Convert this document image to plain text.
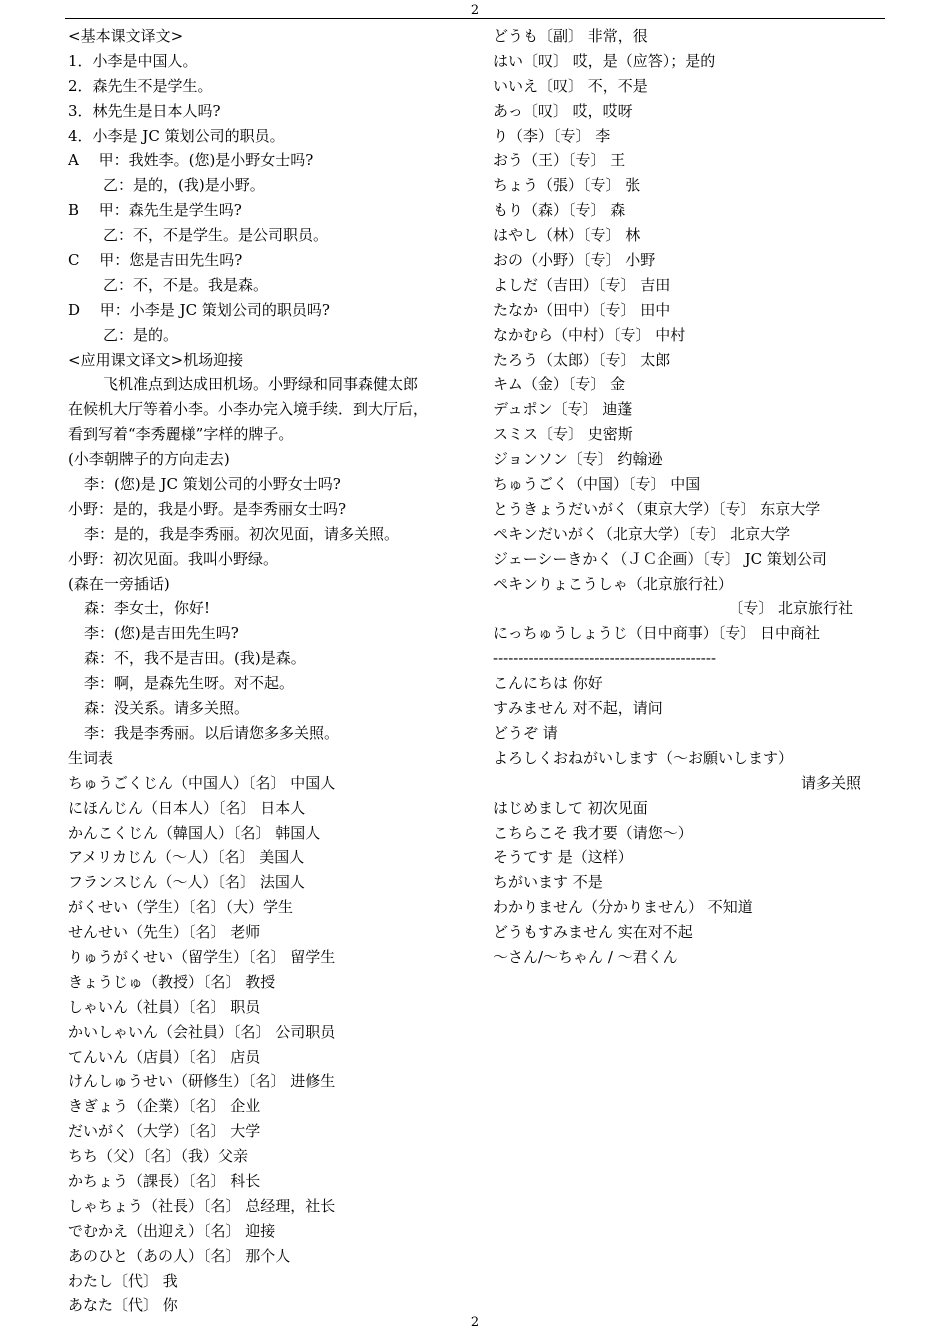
2
<基本课文译文>
1．小李是中国人。
2．森先生不是学生。
3．林先生是日本人吗?
4．小李是 JC 策划公司的职员。
A　 甲：我姓李。(您)是小野女士吗?
乙：是的，(我)是小野。
B　 甲：森先生是学生吗?
乙：不，不是学生。是公司职员。
C　 甲：您是吉田先生吗?
乙：不，不是。我是森。
D　 甲：小李是 JC 策划公司的职员吗?
乙：是的。
<应用课文译文>机场迎接
飞机准点到达成田机场。小野绿和同事森健太郎
在候机大厅等着小李。小李办完入境手续．到大厅后，
看到写着“李秀麗様”字样的牌子。
(小李朝牌子的方向走去)
李：(您)是 JC 策划公司的小野女士吗?
小野：是的，我是小野。是李秀丽女士吗?
李：是的，我是李秀丽。初次见面，请多关照。
小野：初次见面。我叫小野绿。
(森在一旁插话)
森：李女士，你好!
李：(您)是吉田先生吗?
森：不，我不是吉田。(我)是森。
李：啊，是森先生呀。对不起。
森：没关系。请多关照。
李：我是李秀丽。以后请您多多关照。
生词表
ちゅうごくじん（中国人）〔名〕 中国人
にほんじん（日本人）〔名〕 日本人
かんこくじん（韓国人）〔名〕 韩国人
アメリカじん（～人）〔名〕 美国人
フランスじん（～人）〔名〕 法国人
がくせい（学生）〔名〕（大）学生
せんせい（先生）〔名〕 老师
りゅうがくせい（留学生）〔名〕 留学生
きょうじゅ（教授）〔名〕 教授
しゃいん（社員）〔名〕 职员
かいしゃいん（会社員）〔名〕 公司职员
てんいん（店員）〔名〕 店员
けんしゅうせい（研修生）〔名〕 进修生
きぎょう（企業）〔名〕 企业
だいがく（大学）〔名〕 大学
ちち（父）〔名〕（我）父亲
かちょう（課長）〔名〕 科长
しゃちょう（社長）〔名〕 总经理，社长
でむかえ（出迎え）〔名〕 迎接
あのひと（あの人）〔名〕 那个人
わたし〔代〕 我
あなた〔代〕 你
どうも〔副〕 非常，很
はい〔叹〕 哎，是（应答）；是的
いいえ〔叹〕 不，不是
あっ〔叹〕 哎，哎呀
り（李）〔专〕 李
おう（王）〔专〕 王
ちょう（張）〔专〕 张
もり（森）〔专〕 森
はやし（林）〔专〕 林
おの（小野）〔专〕 小野
よしだ（吉田）〔专〕 吉田
たなか（田中）〔专〕 田中
なかむら（中村）〔专〕 中村
たろう（太郎）〔专〕 太郎
キム（金）〔专〕 金
デュポン〔专〕 迪蓬
スミス〔专〕 史密斯
ジョンソン〔专〕 约翰逊
ちゅうごく（中国）〔专〕 中国
とうきょうだいがく（東京大学）〔专〕 东京大学
ペキンだいがく（北京大学）〔专〕 北京大学
ジェーシーきかく（ＪＣ企画）〔专〕 JC 策划公司
ペキンりょこうしゃ（北京旅行社）
〔专〕 北京旅行社
にっちゅうしょうじ（日中商事）〔专〕 日中商社
--------------------------------------------
こんにちは 你好
すみません 对不起，请问
どうぞ 请
よろしくおねがいします（～お願いします）
请多关照
はじめまして 初次见面
こちらこそ 我才要（请您～）
そうてす 是（这样）
ちがいます 不是
わかりません（分かりません） 不知道
どうもすみません 实在对不起
～さん/～ちゃん / ～君くん
2
